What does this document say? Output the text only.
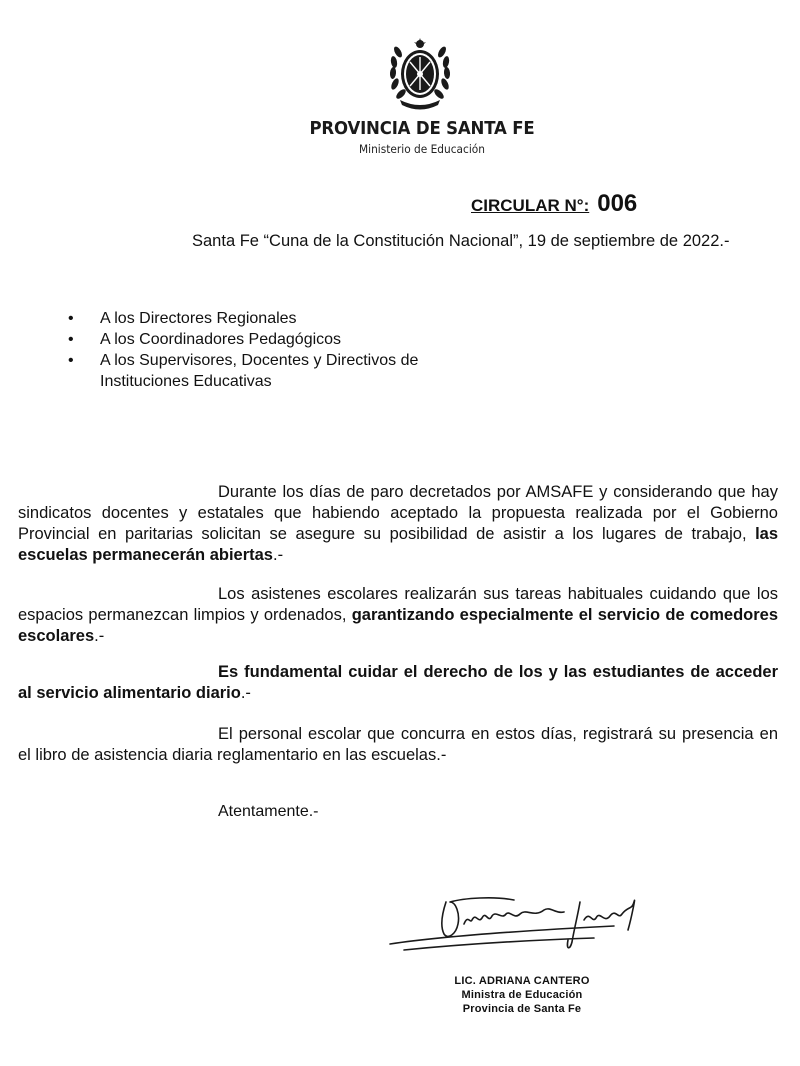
PROVINCIA DE SANTA FE
Ministerio de Educación
CIRCULAR N°: 006
Santa Fe “Cuna de la Constitución Nacional”, 19 de septiembre de 2022.-
• A los Directores Regionales
• A los Coordinadores Pedagógicos
• A los Supervisores, Docentes y Directivos de Instituciones Educativas

Durante los días de paro decretados por AMSAFE y considerando que hay sindicatos docentes y estatales que habiendo aceptado la propuesta realizada por el Gobierno Provincial en paritarias solicitan se asegure su posibilidad de asistir a los lugares de trabajo, las escuelas permanecerán abiertas.-

Los asistenes escolares realizarán sus tareas habituales cuidando que los espacios permanezcan limpios y ordenados, garantizando especialmente el servicio de comedores escolares.-

Es fundamental cuidar el derecho de los y las estudiantes de acceder al servicio alimentario diario.-

El personal escolar que concurra en estos días, registrará su presencia en el libro de asistencia diaria reglamentario en las escuelas.-

Atentamente.-
LIC. ADRIANA CANTERO
Ministra de Educación
Provincia de Santa Fe
